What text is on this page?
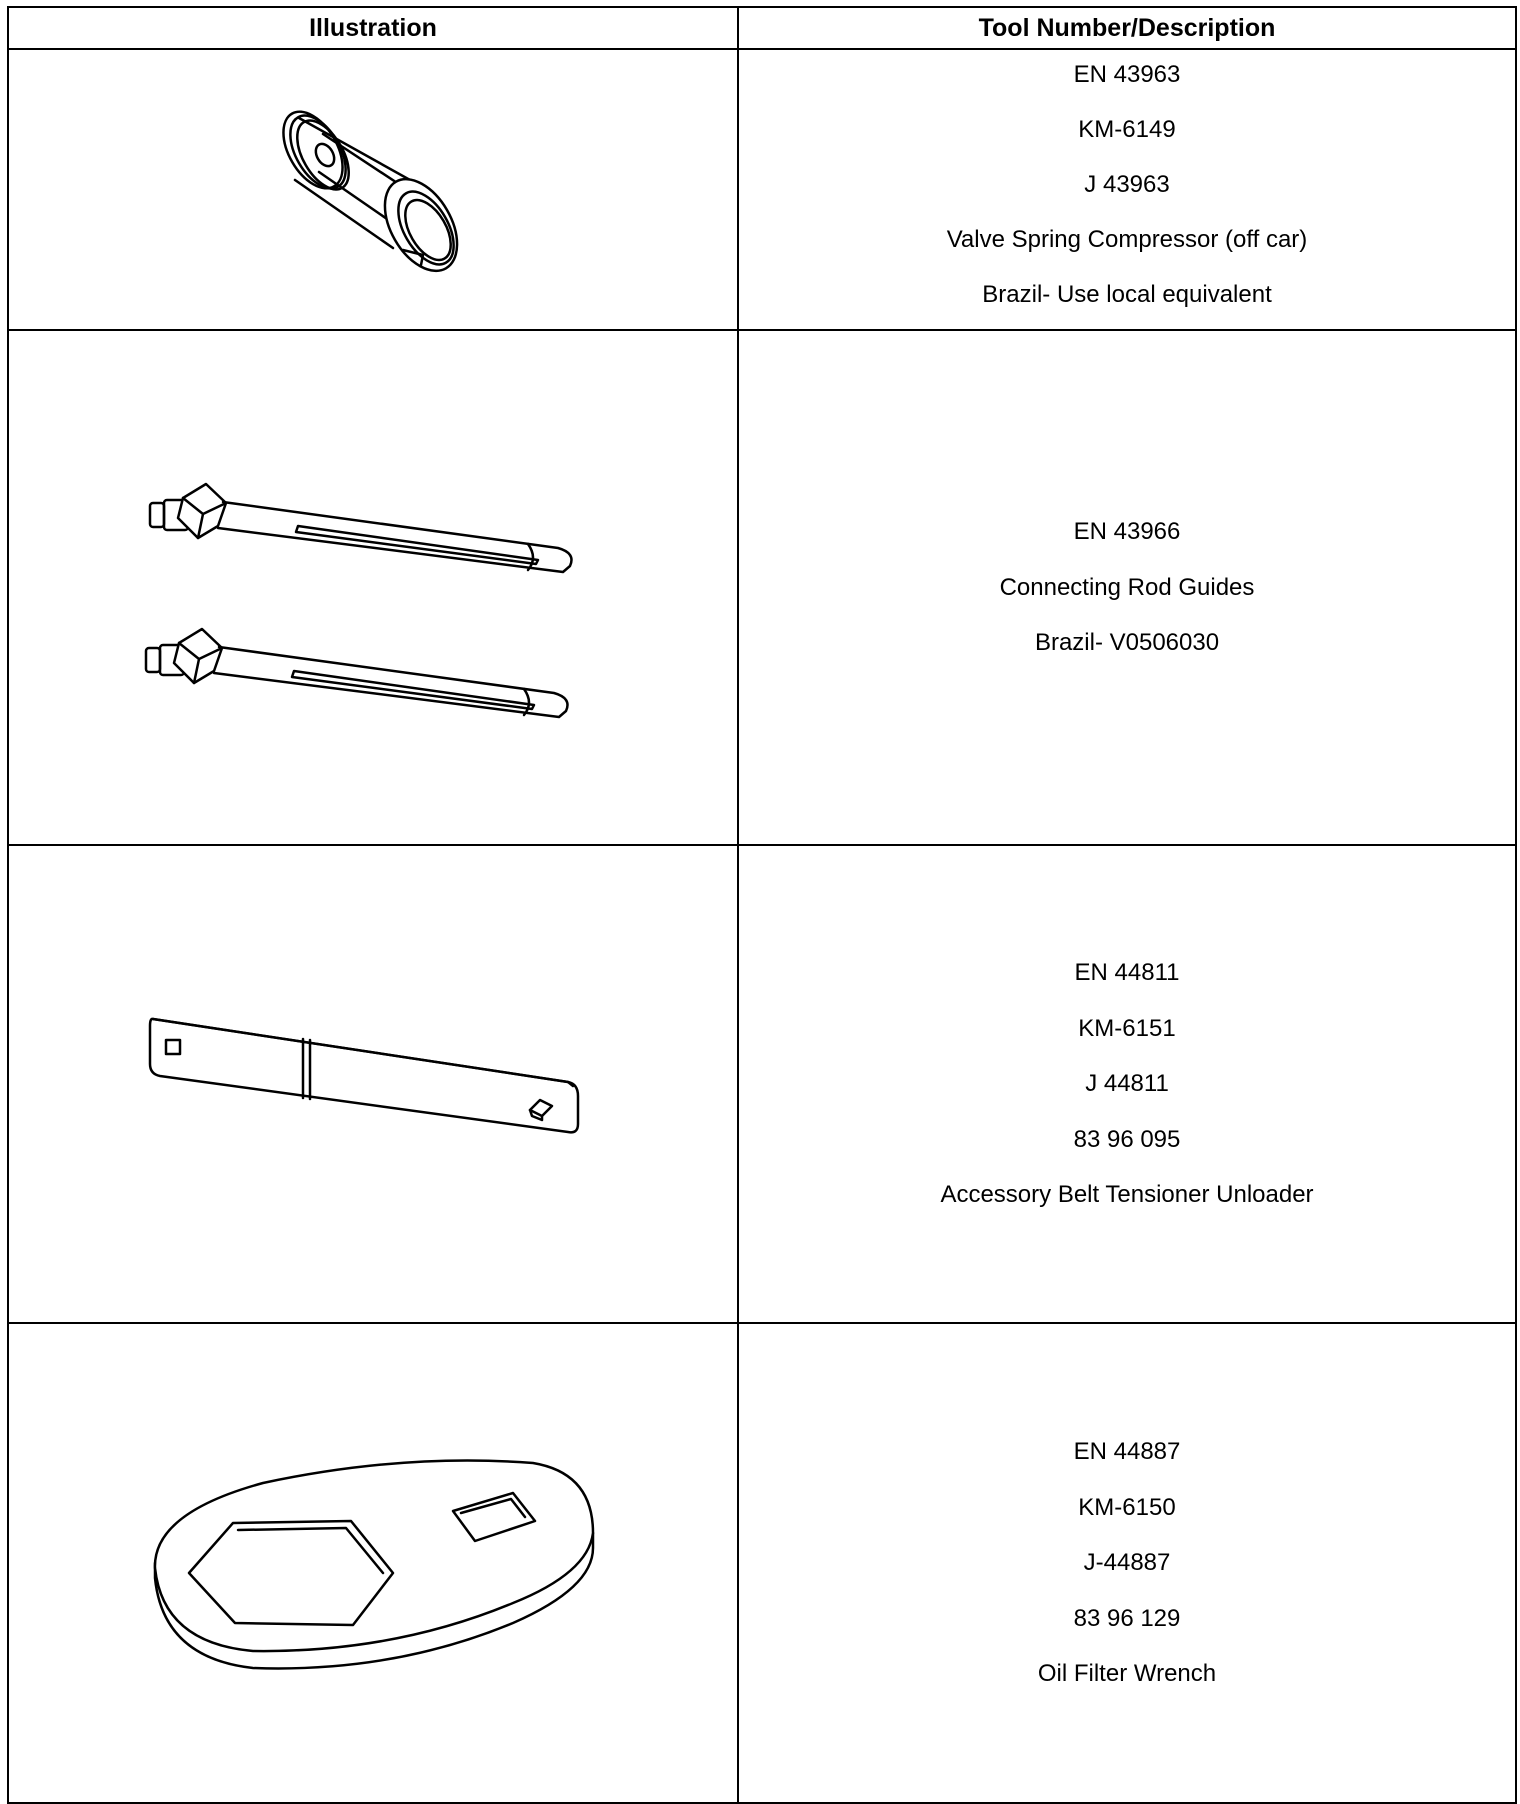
Illustration	Tool Number/Description

EN 43963
KM-6149
J 43963
Valve Spring Compressor (off car)
Brazil- Use local equivalent

EN 43966
Connecting Rod Guides
Brazil- V0506030

EN 44811
KM-6151
J 44811
83 96 095
Accessory Belt Tensioner Unloader

EN 44887
KM-6150
J-44887
83 96 129
Oil Filter Wrench
